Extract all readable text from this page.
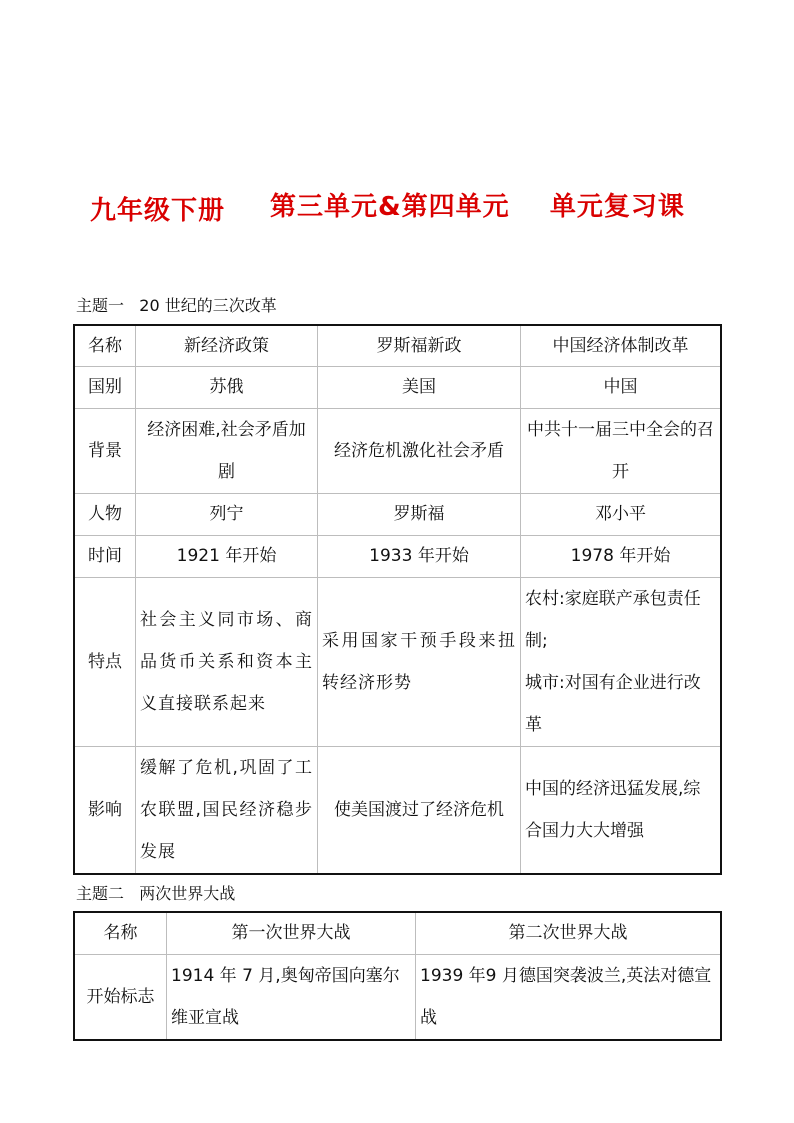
九年级下册 第三单元&第四单元    单元复习课
主题一   20 世纪的三次改革
名称	新经济政策	罗斯福新政	中国经济体制改革
国别	苏俄	美国	中国
背景	经济困难,社会矛盾加剧	经济危机激化社会矛盾	中共十一届三中全会的召开
人物	列宁	罗斯福	邓小平
时间	1921 年开始	1933 年开始	1978 年开始
特点	社会主义同市场、商品货币关系和资本主义直接联系起来	采用国家干预手段来扭转经济形势	农村:家庭联产承包责任制;
城市:对国有企业进行改革

影响	缓解了危机,巩固了工农联盟,国民经济稳步发展	使美国渡过了经济危机	中国的经济迅猛发展,综合国力大大增强
主题二   两次世界大战
名称	第一次世界大战	第二次世界大战
开始标志	1914 年 7 月,奥匈帝国向塞尔维亚宣战	1939 年9 月德国突袭波兰,英法对德宣战
